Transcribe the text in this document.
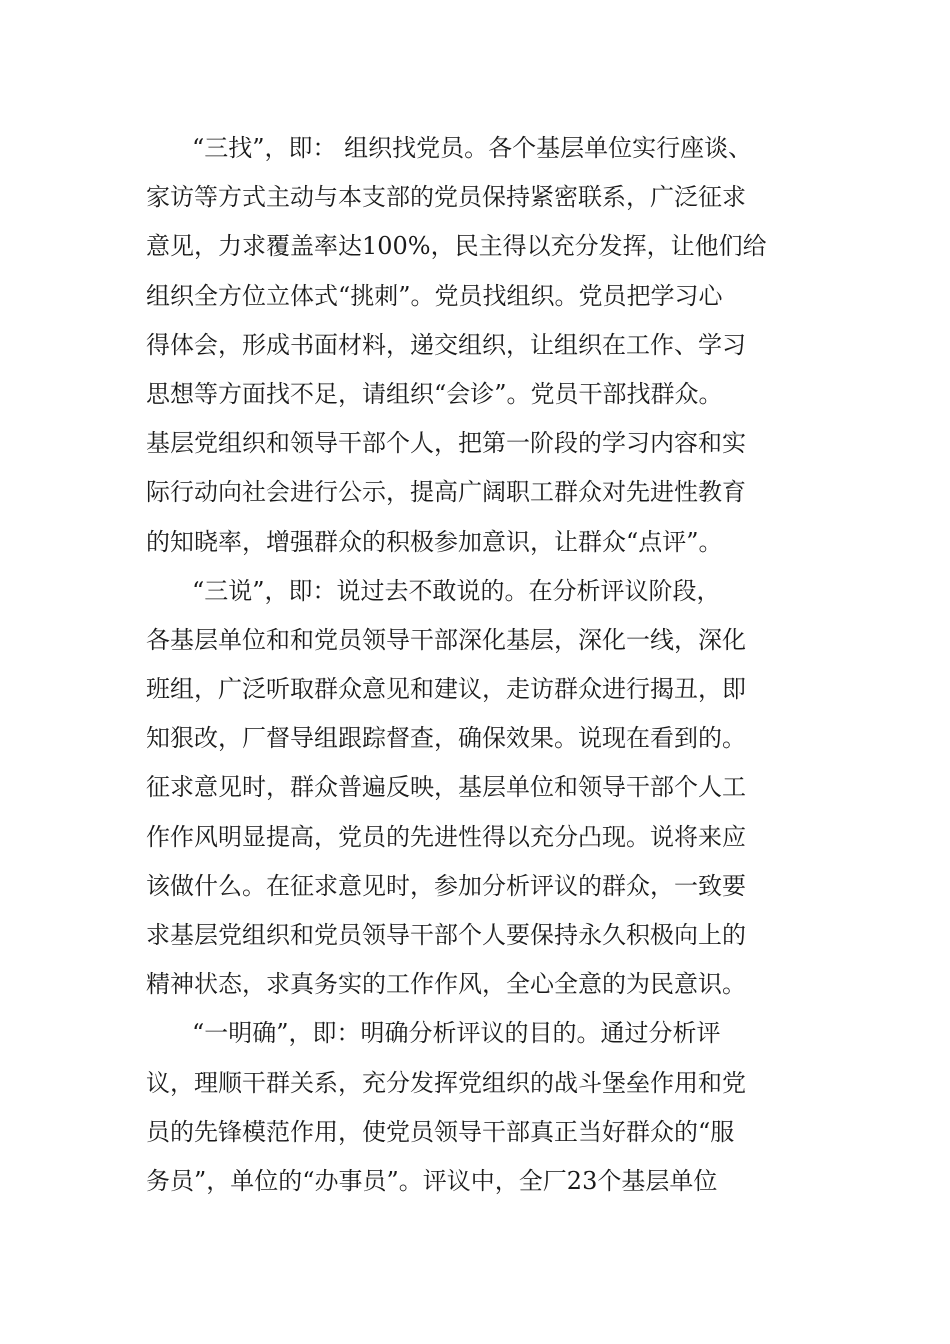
“三找”，即： 组织找党员。各个基层单位实行座谈、
家访等方式主动与本支部的党员保持紧密联系，广泛征求
意见，力求覆盖率达100%，民主得以充分发挥，让他们给
组织全方位立体式“挑刺”。党员找组织。党员把学习心
得体会，形成书面材料，递交组织，让组织在工作、学习
思想等方面找不足，请组织“会诊”。党员干部找群众。
基层党组织和领导干部个人，把第一阶段的学习内容和实
际行动向社会进行公示，提高广阔职工群众对先进性教育
的知晓率，增强群众的积极参加意识，让群众“点评”。
“三说”，即：说过去不敢说的。在分析评议阶段，
各基层单位和和党员领导干部深化基层，深化一线，深化
班组，广泛听取群众意见和建议，走访群众进行揭丑，即
知狠改，厂督导组跟踪督查，确保效果。说现在看到的。
征求意见时，群众普遍反映，基层单位和领导干部个人工
作作风明显提高，党员的先进性得以充分凸现。说将来应
该做什么。在征求意见时，参加分析评议的群众，一致要
求基层党组织和党员领导干部个人要保持永久积极向上的
精神状态，求真务实的工作作风，全心全意的为民意识。
“一明确”，即：明确分析评议的目的。通过分析评
议，理顺干群关系，充分发挥党组织的战斗堡垒作用和党
员的先锋模范作用，使党员领导干部真正当好群众的“服
务员”，单位的“办事员”。评议中，全厂23个基层单位
